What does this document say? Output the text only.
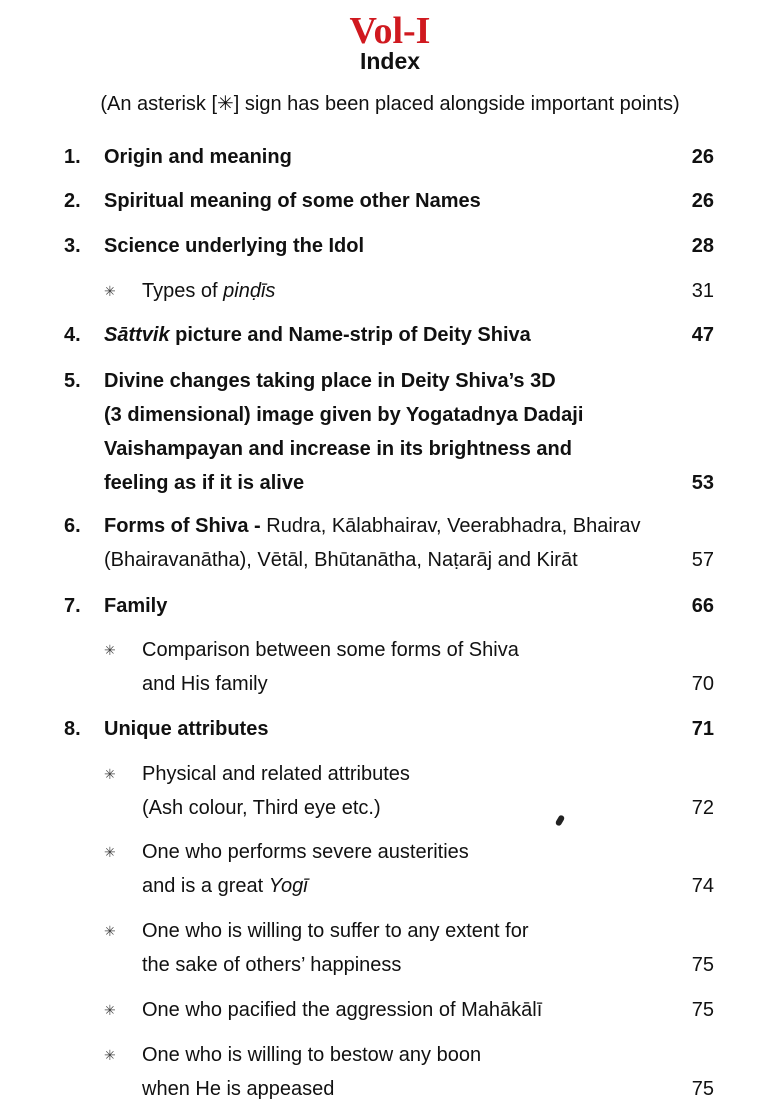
Vol-I
Index
(An asterisk [✳] sign has been placed alongside important points)
1. Origin and meaning	26
2. Spiritual meaning of some other Names	26
3. Science underlying the Idol	28
✳ Types of pinḍīs	31
4. Sāttvik picture and Name-strip of Deity Shiva	47
5. Divine changes taking place in Deity Shiva’s 3D
(3 dimensional) image given by Yogatadnya Dadaji
Vaishampayan and increase in its brightness and
feeling as if it is alive	53
6. Forms of Shiva - Rudra, Kālabhairav, Veerabhadra, Bhairav
(Bhairavanātha), Vētāl, Bhūtanātha, Naṭarāj and Kirāt	57
7. Family	66
✳ Comparison between some forms of Shiva
and His family	70
8. Unique attributes	71
✳ Physical and related attributes
(Ash colour, Third eye etc.)	72
✳ One who performs severe austerities
and is a great Yogī	74
✳ One who is willing to suffer to any extent for
the sake of others’ happiness	75
✳ One who pacified the aggression of Mahākālī	75
✳ One who is willing to bestow any boon
when He is appeased	75
